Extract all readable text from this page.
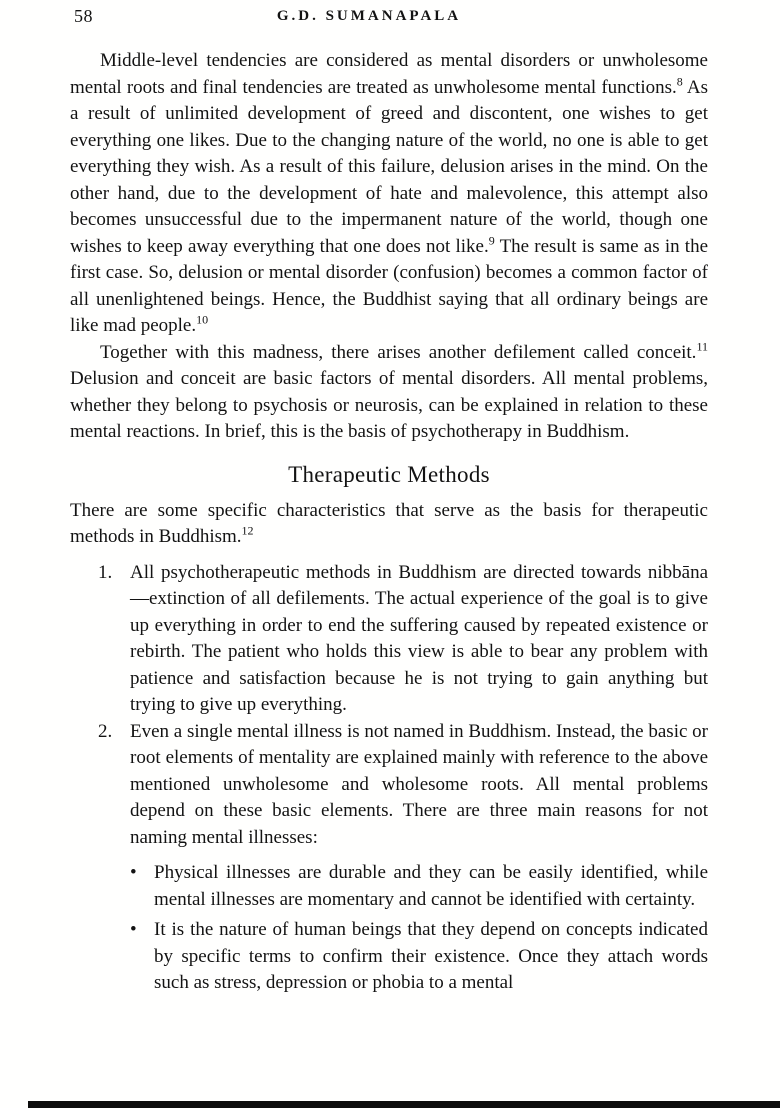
58	G.D. SUMANAPALA

Middle-level tendencies are considered as mental disorders or unwholesome mental roots and final tendencies are treated as unwholesome mental functions.$^8$ As a result of unlimited development of greed and discontent, one wishes to get everything one likes. Due to the changing nature of the world, no one is able to get everything they wish. As a result of this failure, delusion arises in the mind. On the other hand, due to the development of hate and malevolence, this attempt also becomes unsuccessful due to the impermanent nature of the world, though one wishes to keep away everything that one does not like.$^9$ The result is same as in the first case. So, delusion or mental disorder (confusion) becomes a common factor of all unenlightened beings. Hence, the Buddhist saying that all ordinary beings are like mad people.$^{10}$

Together with this madness, there arises another defilement called conceit.$^{11}$ Delusion and conceit are basic factors of mental disorders. All mental problems, whether they belong to psychosis or neurosis, can be explained in relation to these mental reactions. In brief, this is the basis of psychotherapy in Buddhism.

Therapeutic Methods

There are some specific characteristics that serve as the basis for therapeutic methods in Buddhism.$^{12}$

1. All psychotherapeutic methods in Buddhism are directed towards nibbāna—extinction of all defilements. The actual experience of the goal is to give up everything in order to end the suffering caused by repeated existence or rebirth. The patient who holds this view is able to bear any problem with patience and satisfaction because he is not trying to gain anything but trying to give up everything.
2. Even a single mental illness is not named in Buddhism. Instead, the basic or root elements of mentality are explained mainly with reference to the above mentioned unwholesome and wholesome roots. All mental problems depend on these basic elements. There are three main reasons for not naming mental illnesses:
• Physical illnesses are durable and they can be easily identified, while mental illnesses are momentary and cannot be identified with certainty.
• It is the nature of human beings that they depend on concepts indicated by specific terms to confirm their existence. Once they attach words such as stress, depression or phobia to a mental
